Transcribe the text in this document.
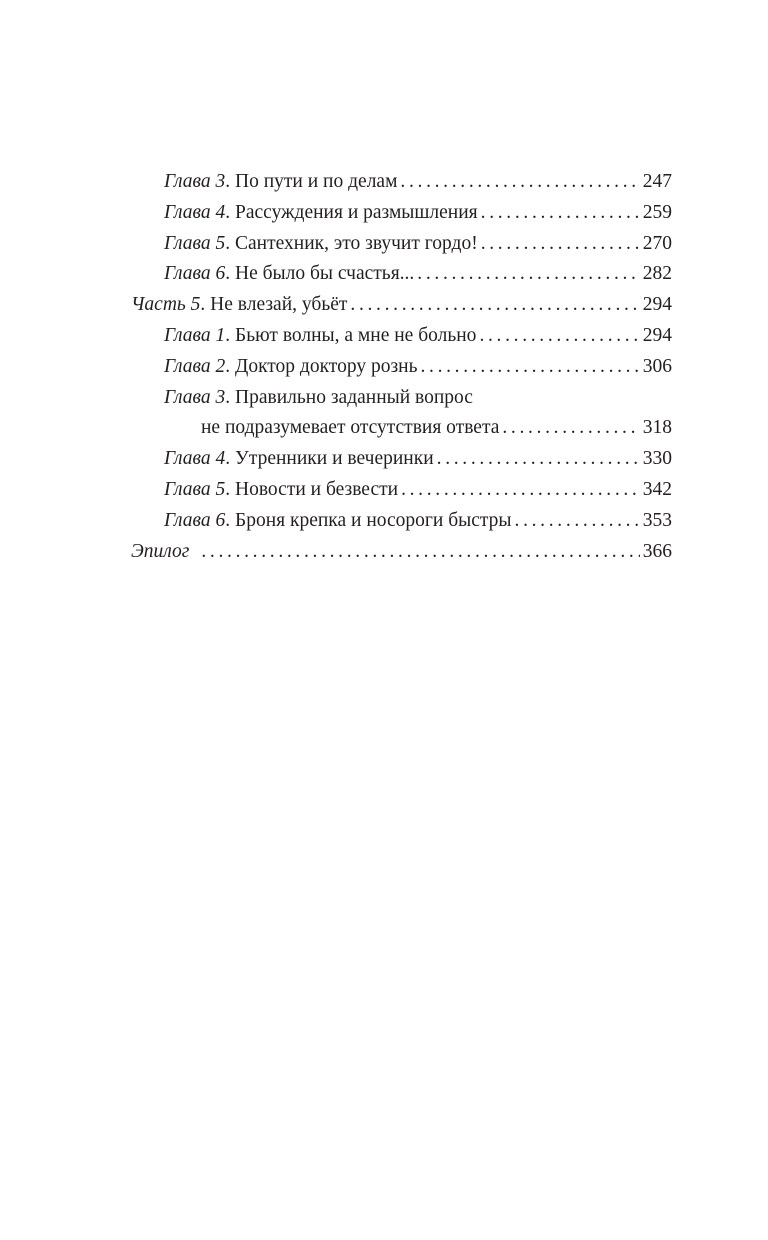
Глава 3. По пути и по делам . . .	247
Глава 4. Рассуждения и размышления . . .	259
Глава 5. Сантехник, это звучит гордо! . . .	270
Глава 6. Не было бы счастья... . . .	282
Часть 5. Не влезай, убьёт . . .	294
Глава 1. Бьют волны, а мне не больно . . .	294
Глава 2. Доктор доктору рознь . . .	306
Глава 3. Правильно заданный вопрос
не подразумевает отсутствия ответа . . .	318
Глава 4. Утренники и вечеринки . . .	330
Глава 5. Новости и безвести . . .	342
Глава 6. Броня крепка и носороги быстры . . .	353
Эпилог . . .	366
